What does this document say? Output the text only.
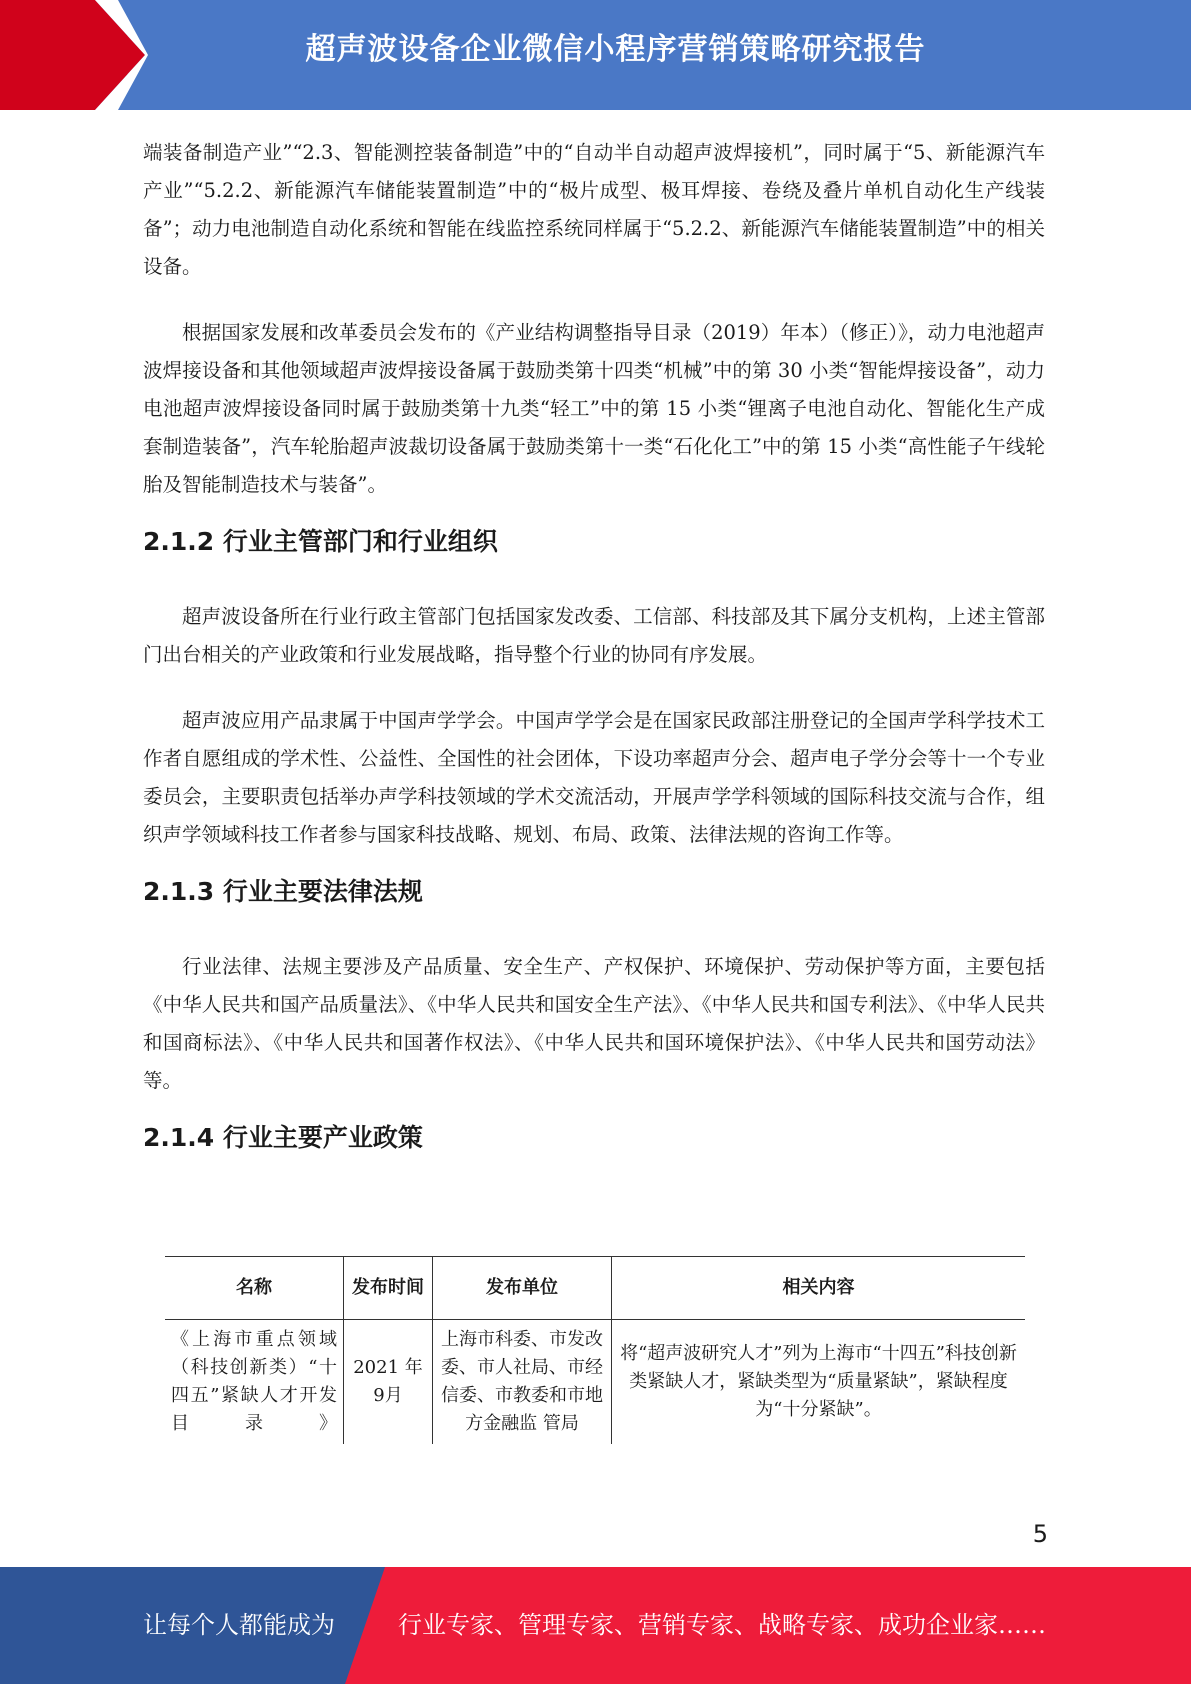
超声波设备企业微信小程序营销策略研究报告

端装备制造产业”“2.3、智能测控装备制造”中的“自动半自动超声波焊接机”，同时属于“5、新能源汽车产业”“5.2.2、新能源汽车储能装置制造”中的“极片成型、极耳焊接、卷绕及叠片单机自动化生产线装备”；动力电池制造自动化系统和智能在线监控系统同样属于“5.2.2、新能源汽车储能装置制造”中的相关设备。

根据国家发展和改革委员会发布的《产业结构调整指导目录（2019）年本）（修正）》，动力电池超声波焊接设备和其他领域超声波焊接设备属于鼓励类第十四类“机械”中的第 30 小类“智能焊接设备”，动力电池超声波焊接设备同时属于鼓励类第十九类“轻工”中的第 15 小类“锂离子电池自动化、智能化生产成套制造装备”，汽车轮胎超声波裁切设备属于鼓励类第十一类“石化化工”中的第 15 小类“高性能子午线轮胎及智能制造技术与装备”。

2.1.2 行业主管部门和行业组织

超声波设备所在行业行政主管部门包括国家发改委、工信部、科技部及其下属分支机构，上述主管部门出台相关的产业政策和行业发展战略，指导整个行业的协同有序发展。

超声波应用产品隶属于中国声学学会。中国声学学会是在国家民政部注册登记的全国声学科学技术工作者自愿组成的学术性、公益性、全国性的社会团体，下设功率超声分会、超声电子学分会等十一个专业委员会，主要职责包括举办声学科技领域的学术交流活动，开展声学学科领域的国际科技交流与合作，组织声学领域科技工作者参与国家科技战略、规划、布局、政策、法律法规的咨询工作等。

2.1.3 行业主要法律法规

行业法律、法规主要涉及产品质量、安全生产、产权保护、环境保护、劳动保护等方面，主要包括《中华人民共和国产品质量法》、《中华人民共和国安全生产法》、《中华人民共和国专利法》、《中华人民共和国商标法》、《中华人民共和国著作权法》、《中华人民共和国环境保护法》、《中华人民共和国劳动法》等。

2.1.4 行业主要产业政策
名称	发布时间	发布单位	相关内容
《上海市重点领域（科技创新类）“十四五”紧缺人才开发目录》	2021 年 9月	上海市科委、市发改委、市人社局、市经信委、市教委和市地方金融监 管局	将“超声波研究人才”列为上海市“十四五”科技创新类紧缺人才，紧缺类型为“质量紧缺”，紧缺程度为“十分紧缺”。
5
让每个人都能成为	行业专家、管理专家、营销专家、战略专家、成功企业家……
